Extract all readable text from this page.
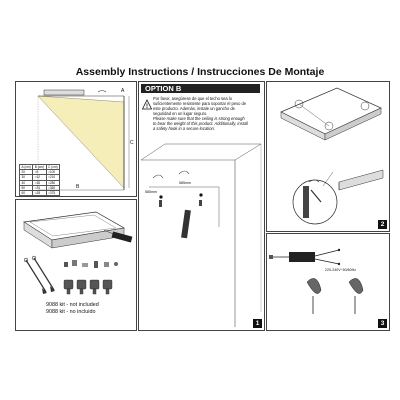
Assembly Instructions / Instrucciones De Montaje
A
B
C
A (cm)	B (cm)	C (cm)
20	≈9	≈100
30	≈12	≈210
40	≈16	≈280
50	≈24	≈350
60	≈28	≈375
9088 kit - not included
9088 kit - no incluido
OPTION B
!
Por favor, asegúrese de que el techo sea lo suficientemente resistente para soportar el peso de este producto. Además, instale un gancho de seguridad en un lugar seguro.
Please make sure that the ceiling is strong enough to bear the weight of this product. Additionally, install a safety hook in a secure location.
585mm
585mm
1
2
220-240V~50/60Hz
3
